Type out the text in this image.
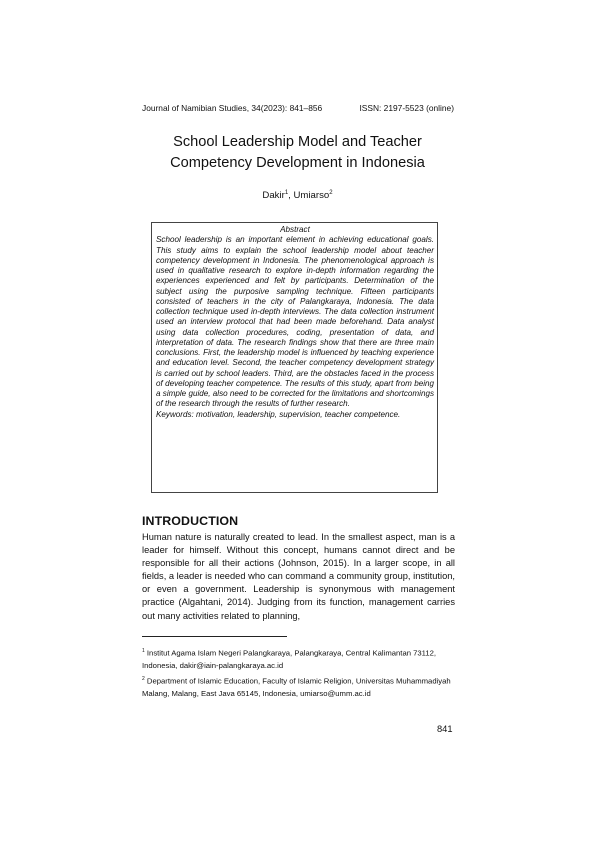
Journal of Namibian Studies, 34(2023): 841–856	ISSN: 2197-5523 (online)
School Leadership Model and Teacher
Competency Development in Indonesia
Dakir$^1$, Umiarso$^2$
Abstract
School leadership is an important element in achieving educational goals. This study aims to explain the school leadership model about teacher competency development in Indonesia. The phenomenological approach is used in qualitative research to explore in-depth information regarding the experiences experienced and felt by participants. Determination of the subject using the purposive sampling technique. Fifteen participants consisted of teachers in the city of Palangkaraya, Indonesia. The data collection technique used in-depth interviews. The data collection instrument used an interview protocol that had been made beforehand. Data analyst using data collection procedures, coding, presentation of data, and interpretation of data. The research findings show that there are three main conclusions. First, the leadership model is influenced by teaching experience and education level. Second, the teacher competency development strategy is carried out by school leaders. Third, are the obstacles faced in the process of developing teacher competence. The results of this study, apart from being a simple guide, also need to be corrected for the limitations and shortcomings of the research through the results of further research.
Keywords: motivation, leadership, supervision, teacher competence.
INTRODUCTION
Human nature is naturally created to lead. In the smallest aspect, man is a leader for himself. Without this concept, humans cannot direct and be responsible for all their actions (Johnson, 2015). In a larger scope, in all fields, a leader is needed who can command a community group, institution, or even a government. Leadership is synonymous with management practice (Algahtani, 2014). Judging from its function, management carries out many activities related to planning,

$^1$ Institut Agama Islam Negeri Palangkaraya, Palangkaraya, Central Kalimantan 73112, Indonesia, dakir@iain-palangkaraya.ac.id

$^2$ Department of Islamic Education, Faculty of Islamic Religion, Universitas Muhammadiyah Malang, Malang, East Java 65145, Indonesia, umiarso@umm.ac.id

841
